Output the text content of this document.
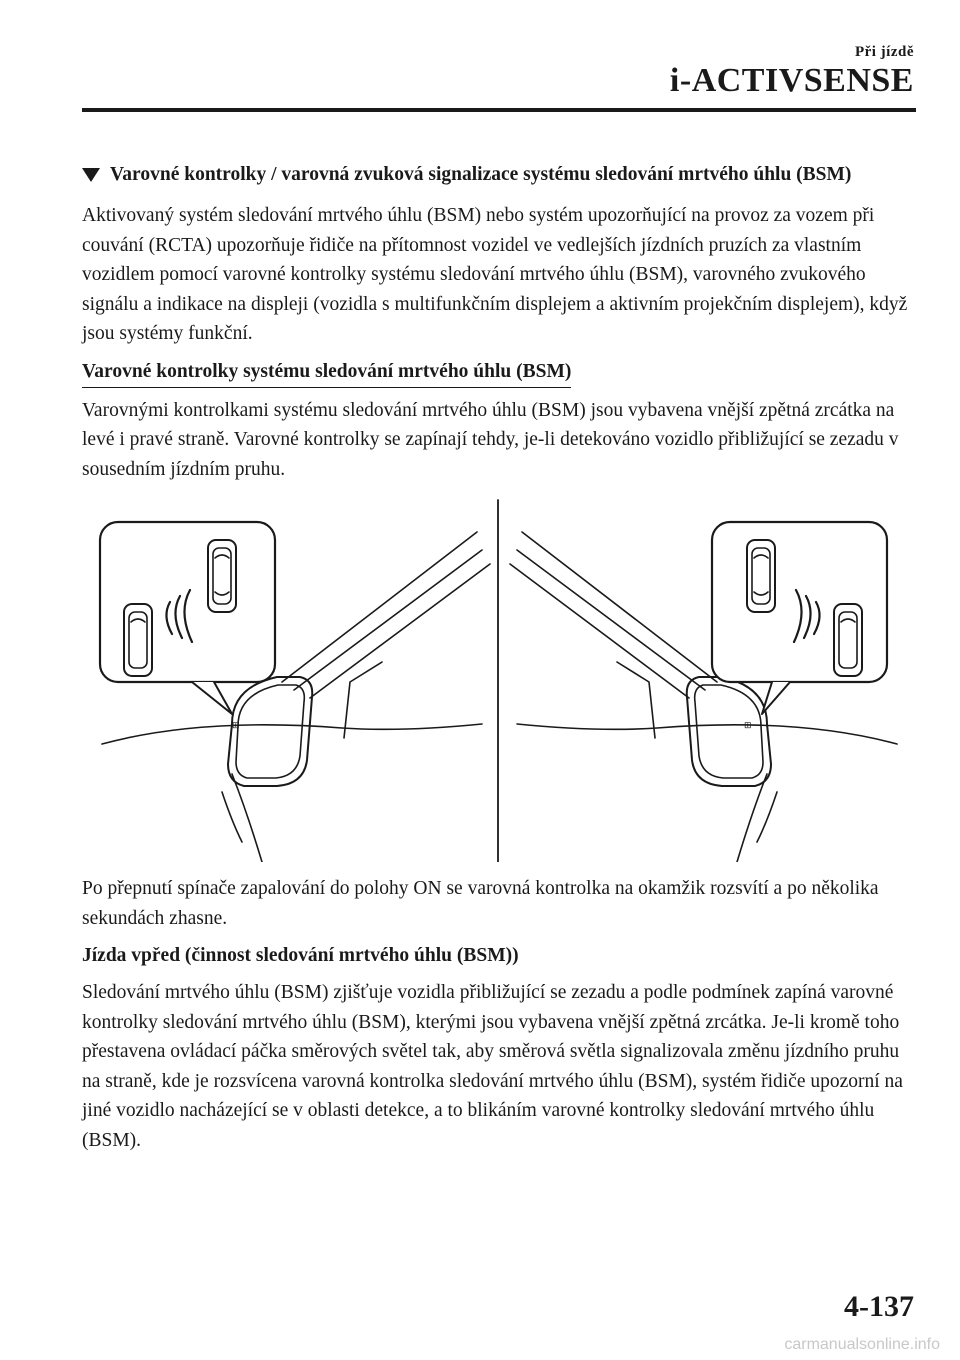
Při jízdě
i-ACTIVSENSE
Varovné kontrolky / varovná zvuková signalizace systému sledování mrtvého úhlu (BSM)

Aktivovaný systém sledování mrtvého úhlu (BSM) nebo systém upozorňující na provoz za vozem při couvání (RCTA) upozorňuje řidiče na přítomnost vozidel ve vedlejších jízdních pruzích za vlastním vozidlem pomocí varovné kontrolky systému sledování mrtvého úhlu (BSM), varovného zvukového signálu a indikace na displeji (vozidla s multifunkčním displejem a aktivním projekčním displejem), když jsou systémy funkční.

Varovné kontrolky systému sledování mrtvého úhlu (BSM)

Varovnými kontrolkami systému sledování mrtvého úhlu (BSM) jsou vybavena vnější zpětná zrcátka na levé i pravé straně. Varovné kontrolky se zapínají tehdy, je-li detekováno vozidlo přibližující se zezadu v sousedním jízdním pruhu.

⊞	⊞

Po přepnutí spínače zapalování do polohy ON se varovná kontrolka na okamžik rozsvítí a po několika sekundách zhasne.

Jízda vpřed (činnost sledování mrtvého úhlu (BSM))

Sledování mrtvého úhlu (BSM) zjišťuje vozidla přibližující se zezadu a podle podmínek zapíná varovné kontrolky sledování mrtvého úhlu (BSM), kterými jsou vybavena vnější zpětná zrcátka. Je-li kromě toho přestavena ovládací páčka směrových světel tak, aby směrová světla signalizovala změnu jízdního pruhu na straně, kde je rozsvícena varovná kontrolka sledování mrtvého úhlu (BSM), systém řidiče upozorní na jiné vozidlo nacházející se v oblasti detekce, a to blikáním varovné kontrolky sledování mrtvého úhlu (BSM).

4-137
carmanualsonline.info
